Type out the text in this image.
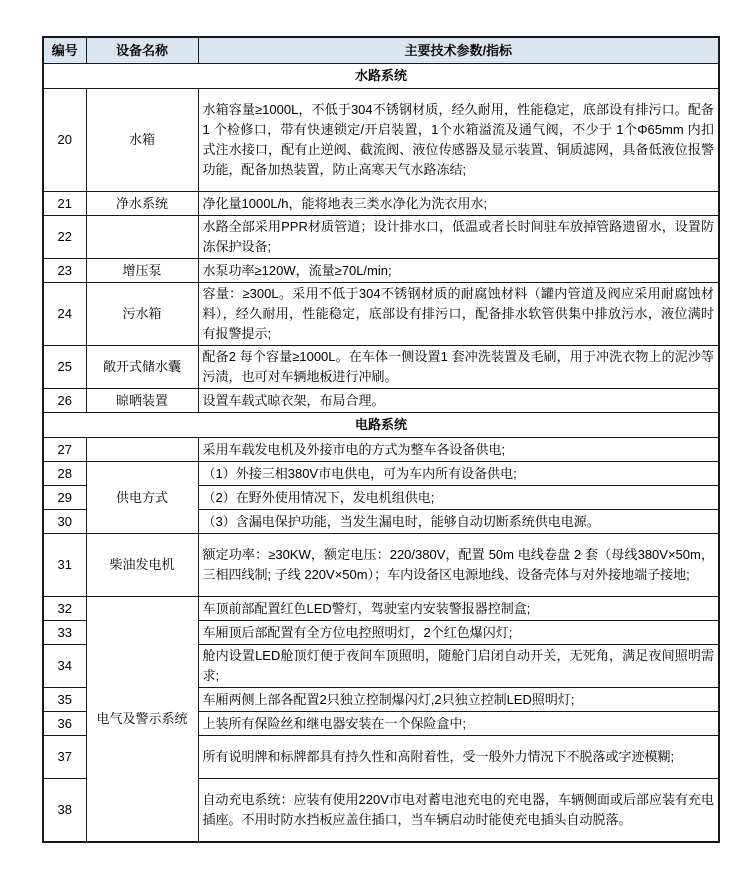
编号	设备名称	主要技术参数/指标
水路系统		
20	水箱	水箱容量≥1000L，不低于304不锈钢材质，经久耐用，性能稳定，底部设有排污口。配备1 个检修口，带有快速锁定/开启装置，1个水箱溢流及通气阀，不少于 1个Φ65mm 内扣式注水接口，配有止逆阀、截流阀、液位传感器及显示装置、铜质滤网，具备低液位报警功能，配备加热装置，防止高寒天气水路冻结;
21	净水系统	净化量1000L/h，能将地表三类水净化为洗衣用水;
22		水路全部采用PPR材质管道；设计排水口，低温或者长时间驻车放掉管路遗留水，设置防冻保护设备;
23	增压泵	水泵功率≥120W，流量≥70L/min;
24	污水箱	容量：≥300L。采用不低于304不锈钢材质的耐腐蚀材料（罐内管道及阀应采用耐腐蚀材料），经久耐用，性能稳定，底部设有排污口，配备排水软管供集中排放污水，液位满时有报警提示;
25	敞开式储水囊	配备2 每个容量≥1000L。在车体一侧设置1 套冲洗装置及毛刷，用于冲洗衣物上的泥沙等污渍，也可对车辆地板进行冲刷。
26	晾晒装置	设置车载式晾衣架，布局合理。
电路系统		
27		采用车载发电机及外接市电的方式为整车各设备供电;
28	供电方式	（1）外接三相380V市电供电，可为车内所有设备供电;
29		（2）在野外使用情况下，发电机组供电;
30		（3）含漏电保护功能，当发生漏电时，能够自动切断系统供电电源。
31	柴油发电机	额定功率：≥30KW，额定电压：220/380V，配置 50m 电线卷盘 2 套（母线380V×50m，三相四线制; 子线 220V×50m）；车内设备区电源地线、设备壳体与对外接地端子接地;
32	电气及警示系统	车顶前部配置红色LED警灯，驾驶室内安装警报器控制盒;
33		车厢顶后部配置有全方位电控照明灯，2个红色爆闪灯;
34		舱内设置LED舱顶灯便于夜间车顶照明，随舱门启闭自动开关，无死角，满足夜间照明需求;
35		车厢两侧上部各配置2只独立控制爆闪灯,2只独立控制LED照明灯;
36		上装所有保险丝和继电器安装在一个保险盒中;
37		所有说明牌和标牌都具有持久性和高附着性，受一般外力情况下不脱落或字迹模糊;
38		自动充电系统：应装有使用220V市电对蓄电池充电的充电器，车辆侧面或后部应装有充电插座。不用时防水挡板应盖住插口，当车辆启动时能使充电插头自动脱落。
